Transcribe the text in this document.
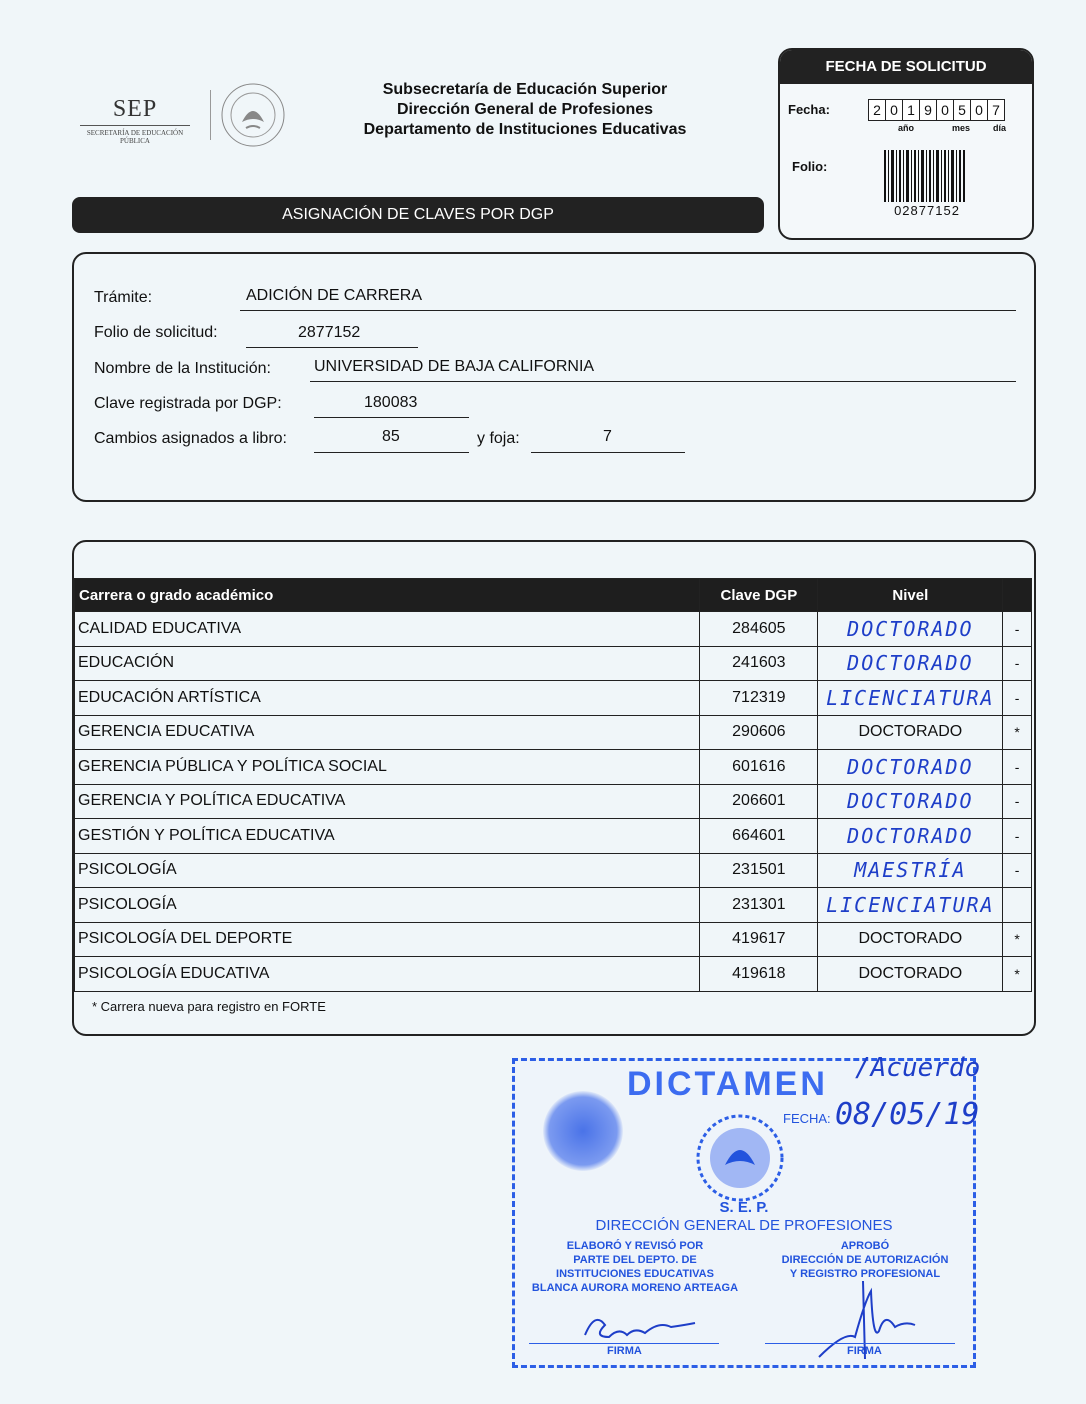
SEP
SECRETARÍA DE EDUCACIÓN PÚBLICA
Subsecretaría de Educación Superior
Dirección General de Profesiones
Departamento de Instituciones Educativas
ASIGNACIÓN DE CLAVES POR DGP
FECHA DE SOLICITUD
Fecha:	2 0 1 9 0 5 0 7
año	mes	día
Folio:
02877152
Trámite:	ADICIÓN DE CARRERA
Folio de solicitud:	2877152
Nombre de la Institución:	UNIVERSIDAD DE BAJA CALIFORNIA
Clave registrada por DGP:	180083
Cambios asignados a libro:	85	y foja:	7
Carrera o grado académico	Clave DGP	Nivel	
CALIDAD EDUCATIVA	284605	DOCTORADO	-
EDUCACIÓN	241603	DOCTORADO	-
EDUCACIÓN ARTÍSTICA	712319	LICENCIATURA	-
GERENCIA EDUCATIVA	290606	DOCTORADO	*
GERENCIA PÚBLICA Y POLÍTICA SOCIAL	601616	DOCTORADO	-
GERENCIA Y POLÍTICA EDUCATIVA	206601	DOCTORADO	-
GESTIÓN Y POLÍTICA EDUCATIVA	664601	DOCTORADO	-
PSICOLOGÍA	231501	MAESTRÍA	-
PSICOLOGÍA	231301	LICENCIATURA	
PSICOLOGÍA DEL DEPORTE	419617	DOCTORADO	*
PSICOLOGÍA EDUCATIVA	419618	DOCTORADO	*
* Carrera nueva para registro en FORTE
DICTAMEN /Acuerdo
FECHA: 08/05/19
S. E. P.
DIRECCIÓN GENERAL DE PROFESIONES
ELABORÓ Y REVISÓ POR
PARTE DEL DEPTO. DE
INSTITUCIONES EDUCATIVAS
BLANCA AURORA MORENO ARTEAGA
APROBÓ
DIRECCIÓN DE AUTORIZACIÓN
Y REGISTRO PROFESIONAL
FIRMA	FIRMA
